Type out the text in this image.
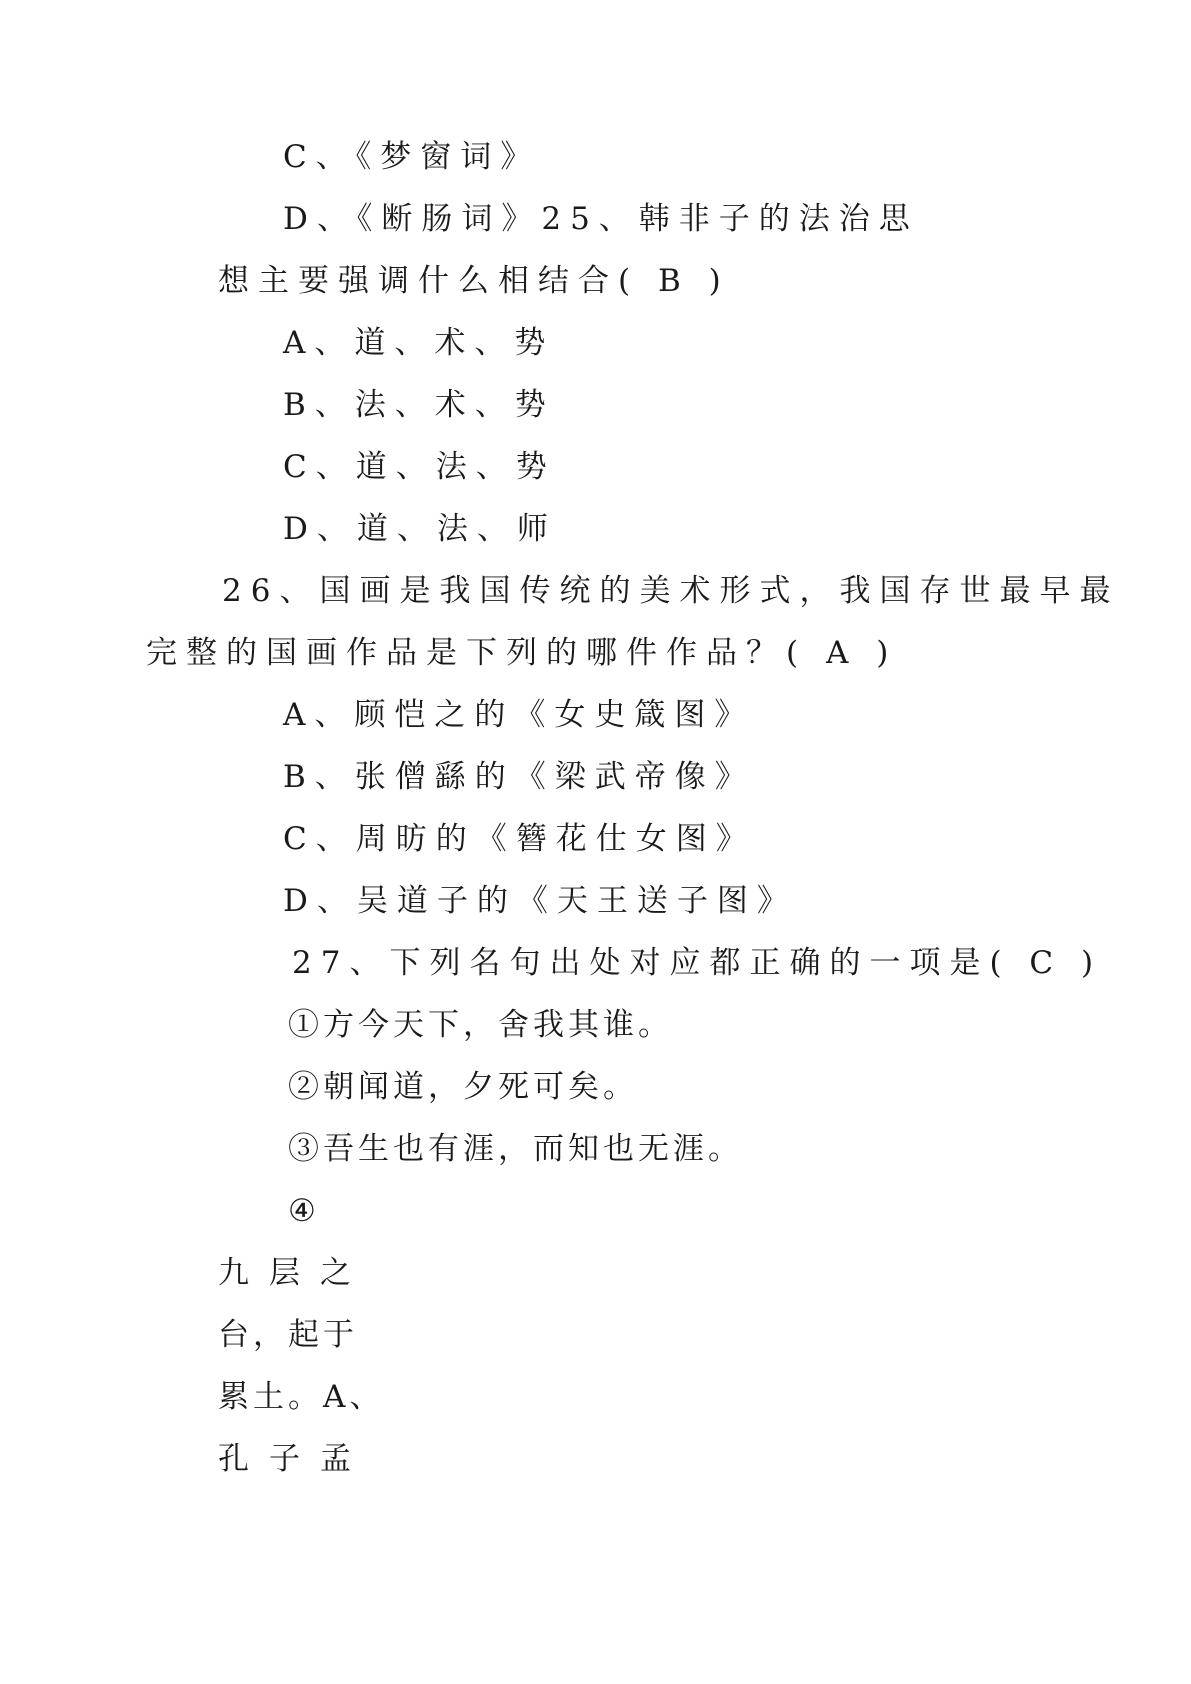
C、《梦窗词》
D、《断肠词》25、韩非子的法治思
想主要强调什么相结合( B )
A、道、术、势
B、法、术、势
C、道、法、势
D、道、法、师
26、国画是我国传统的美术形式，我国存世最早最
完整的国画作品是下列的哪件作品？( A )
A、顾恺之的《女史箴图》
B、张僧繇的《梁武帝像》
C、周昉的《簪花仕女图》
D、吴道子的《天王送子图》
27、下列名句出处对应都正确的一项是( C )
①方今天下，舍我其谁。
②朝闻道，夕死可矣。
③吾生也有涯，而知也无涯。
④
九层之
台，起于
累土。A、
孔子孟
